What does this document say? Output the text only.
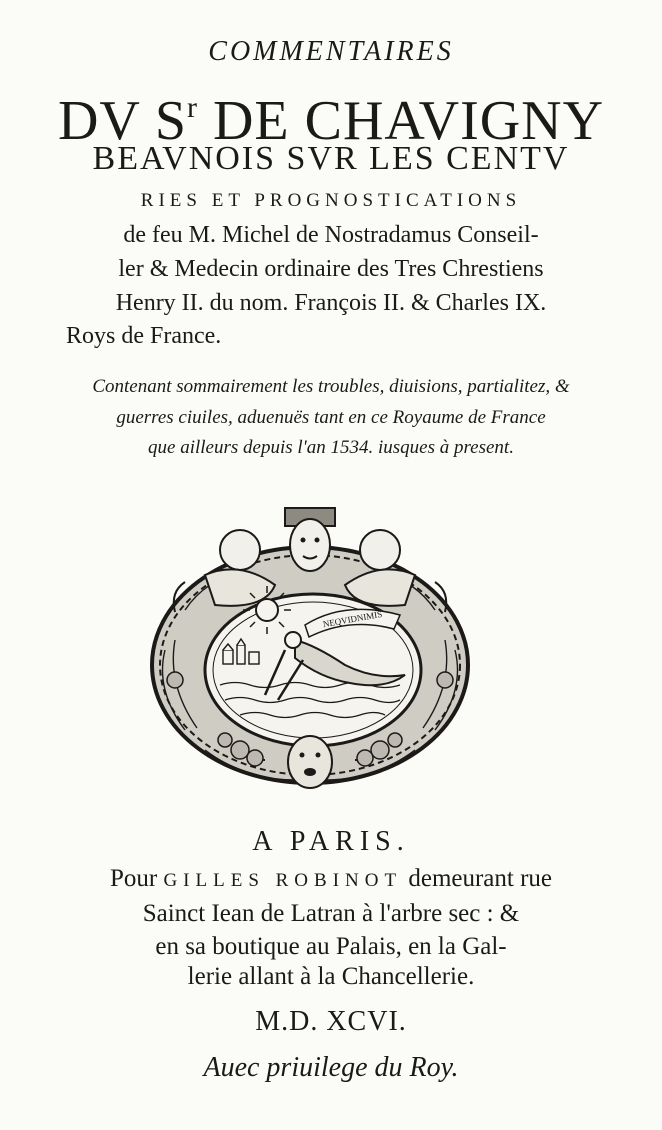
COMMENTAIRES
DV $S^r$ DE CHAVIGNY
BEAVNOIS SVR LES CENTV
RIES ET PROGNOSTICATIONS
de feu M. Michel de Nostradamus Conseil-
ler & Medecin ordinaire des Tres Chrestiens
Henry II. du nom. François II. & Charles IX.
Roys de France.
Contenant sommairement les troubles, diuisions, partialitez, &
guerres ciuiles, aduenuës tant en ce Royaume de France
que ailleurs depuis l'an 1534. iusques à present.
NEQVIDNIMIS
A PARIS.
Pour GILLES ROBINOT demeurant rue
Sainct Iean de Latran à l'arbre sec : &
en sa boutique au Palais, en la Gal-
lerie allant à la Chancellerie.
M.D. XCVI.
Auec priuilege du Roy.
